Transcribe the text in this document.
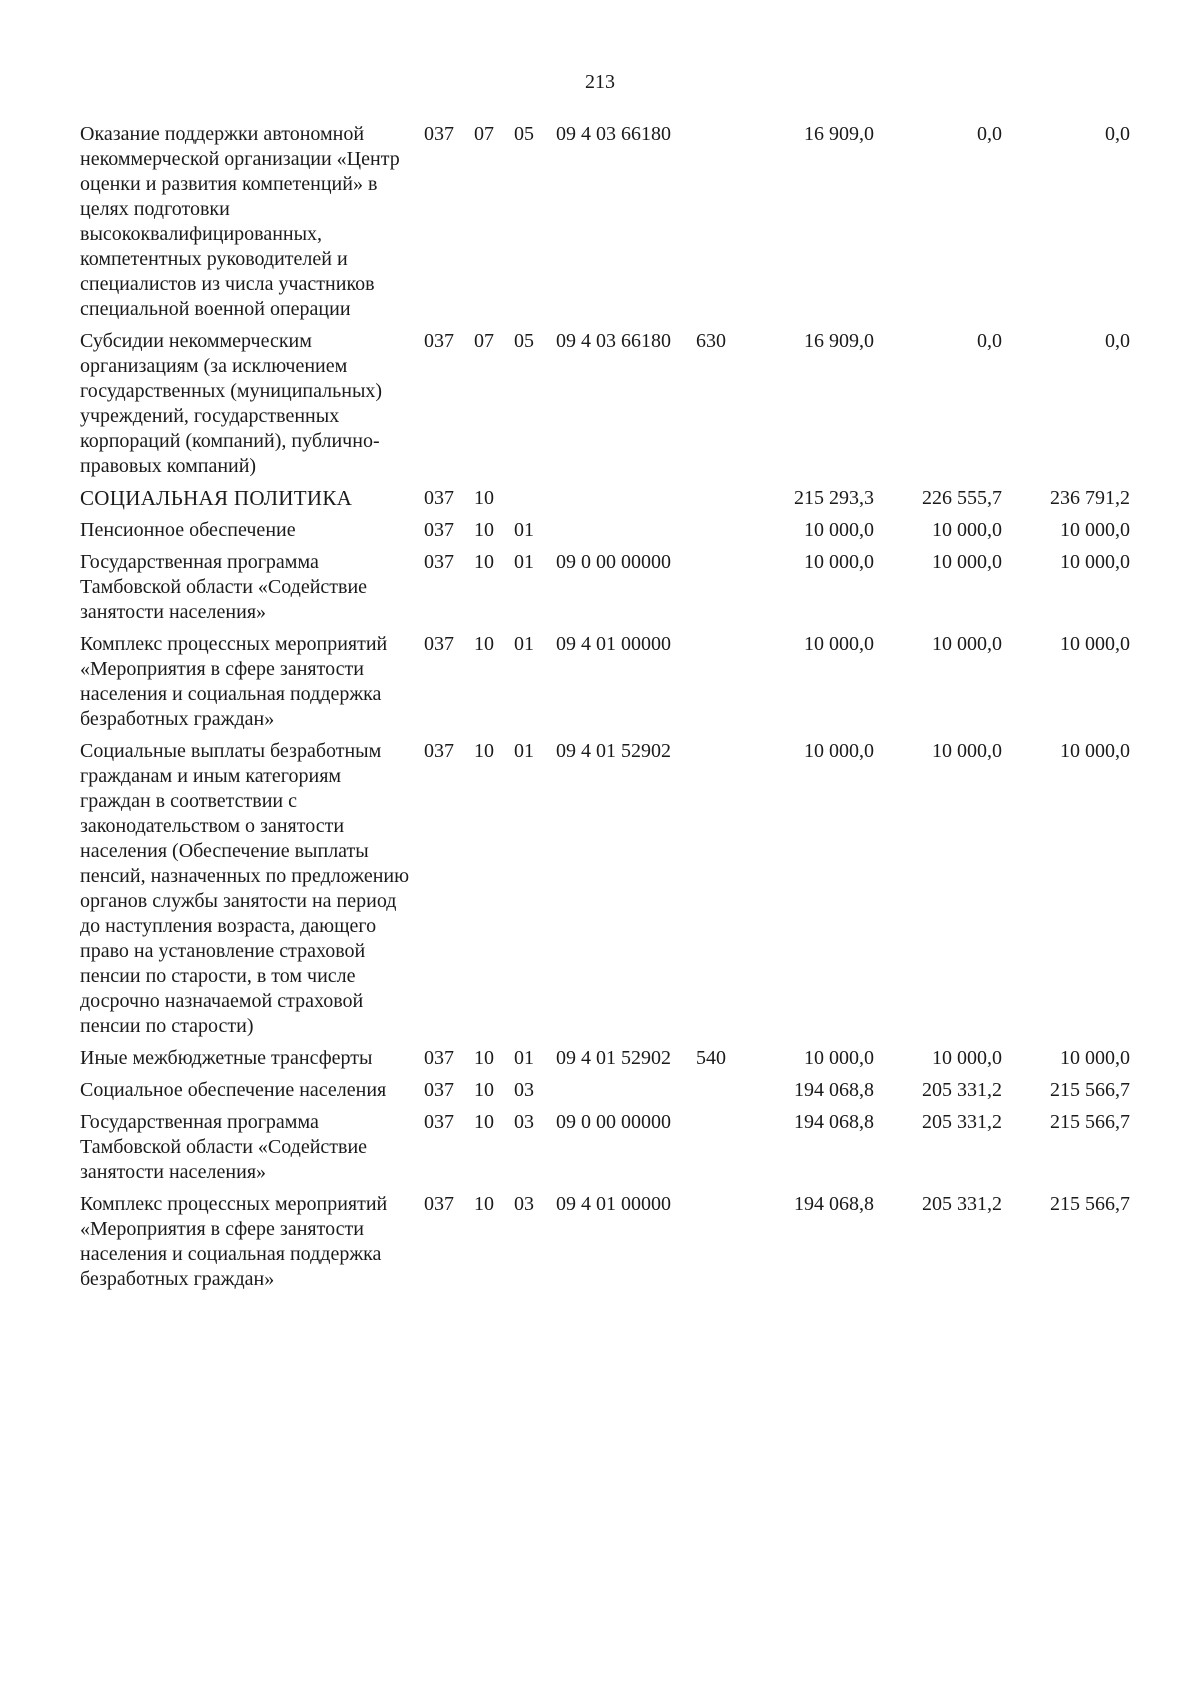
213
Оказание поддержки автономной некоммерческой организации «Центр оценки и развития компетенций» в целях подготовки высококвалифицированных, компетентных руководителей и специалистов из числа участников специальной военной операции	037	07	05	09 4 03 66180		16 909,0	0,0	0,0
Субсидии некоммерческим организациям (за исключением государственных (муниципальных) учреждений, государственных корпораций (компаний), публично-правовых компаний)	037	07	05	09 4 03 66180	630	16 909,0	0,0	0,0
СОЦИАЛЬНАЯ ПОЛИТИКА	037	10				215 293,3	226 555,7	236 791,2
Пенсионное обеспечение	037	10	01			10 000,0	10 000,0	10 000,0
Государственная программа Тамбовской области «Содействие занятости населения»	037	10	01	09 0 00 00000		10 000,0	10 000,0	10 000,0
Комплекс процессных мероприятий «Мероприятия в сфере занятости населения и социальная поддержка безработных граждан»	037	10	01	09 4 01 00000		10 000,0	10 000,0	10 000,0
Социальные выплаты безработным гражданам и иным категориям граждан в соответствии с законодательством о занятости населения (Обеспечение выплаты пенсий, назначенных по предложению органов службы занятости на период до наступления возраста, дающего право на установление страховой пенсии по старости, в том числе досрочно назначаемой страховой пенсии по старости)	037	10	01	09 4 01 52902		10 000,0	10 000,0	10 000,0
Иные межбюджетные трансферты	037	10	01	09 4 01 52902	540	10 000,0	10 000,0	10 000,0
Социальное обеспечение населения	037	10	03			194 068,8	205 331,2	215 566,7
Государственная программа Тамбовской области «Содействие занятости населения»	037	10	03	09 0 00 00000		194 068,8	205 331,2	215 566,7
Комплекс процессных мероприятий «Мероприятия в сфере занятости населения и социальная поддержка безработных граждан»	037	10	03	09 4 01 00000		194 068,8	205 331,2	215 566,7
